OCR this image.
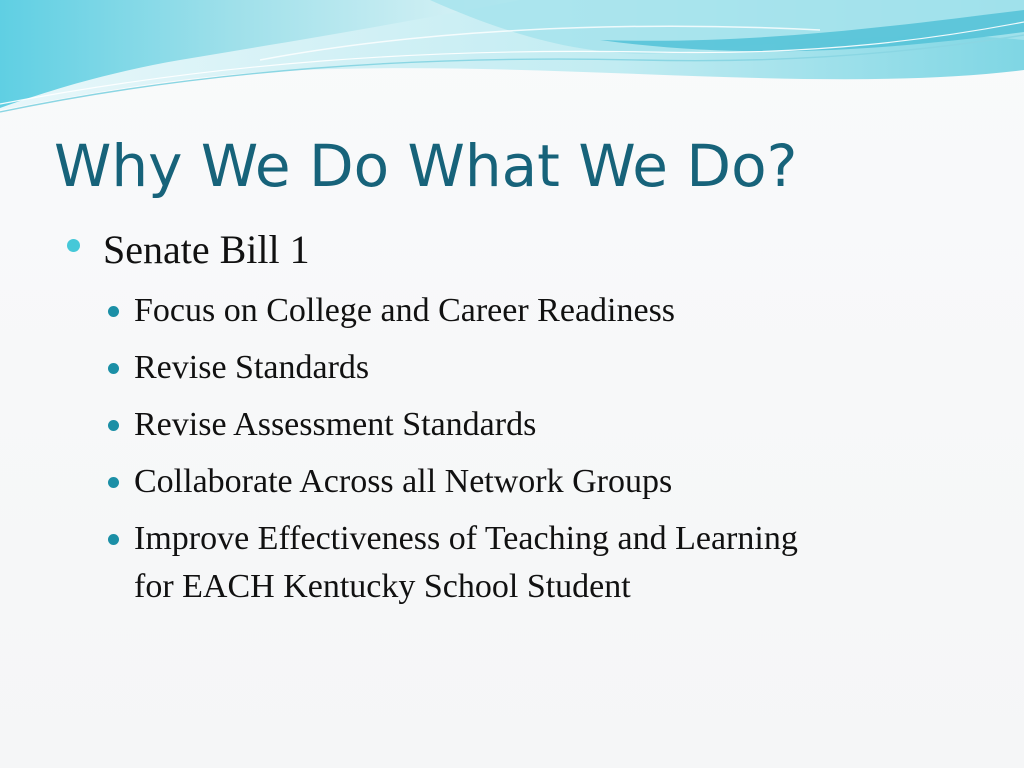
Why We Do What We Do?
Senate Bill 1
Focus on College and Career Readiness
Revise Standards
Revise Assessment Standards
Collaborate Across all Network Groups
Improve Effectiveness of Teaching and Learning
for EACH Kentucky School Student
